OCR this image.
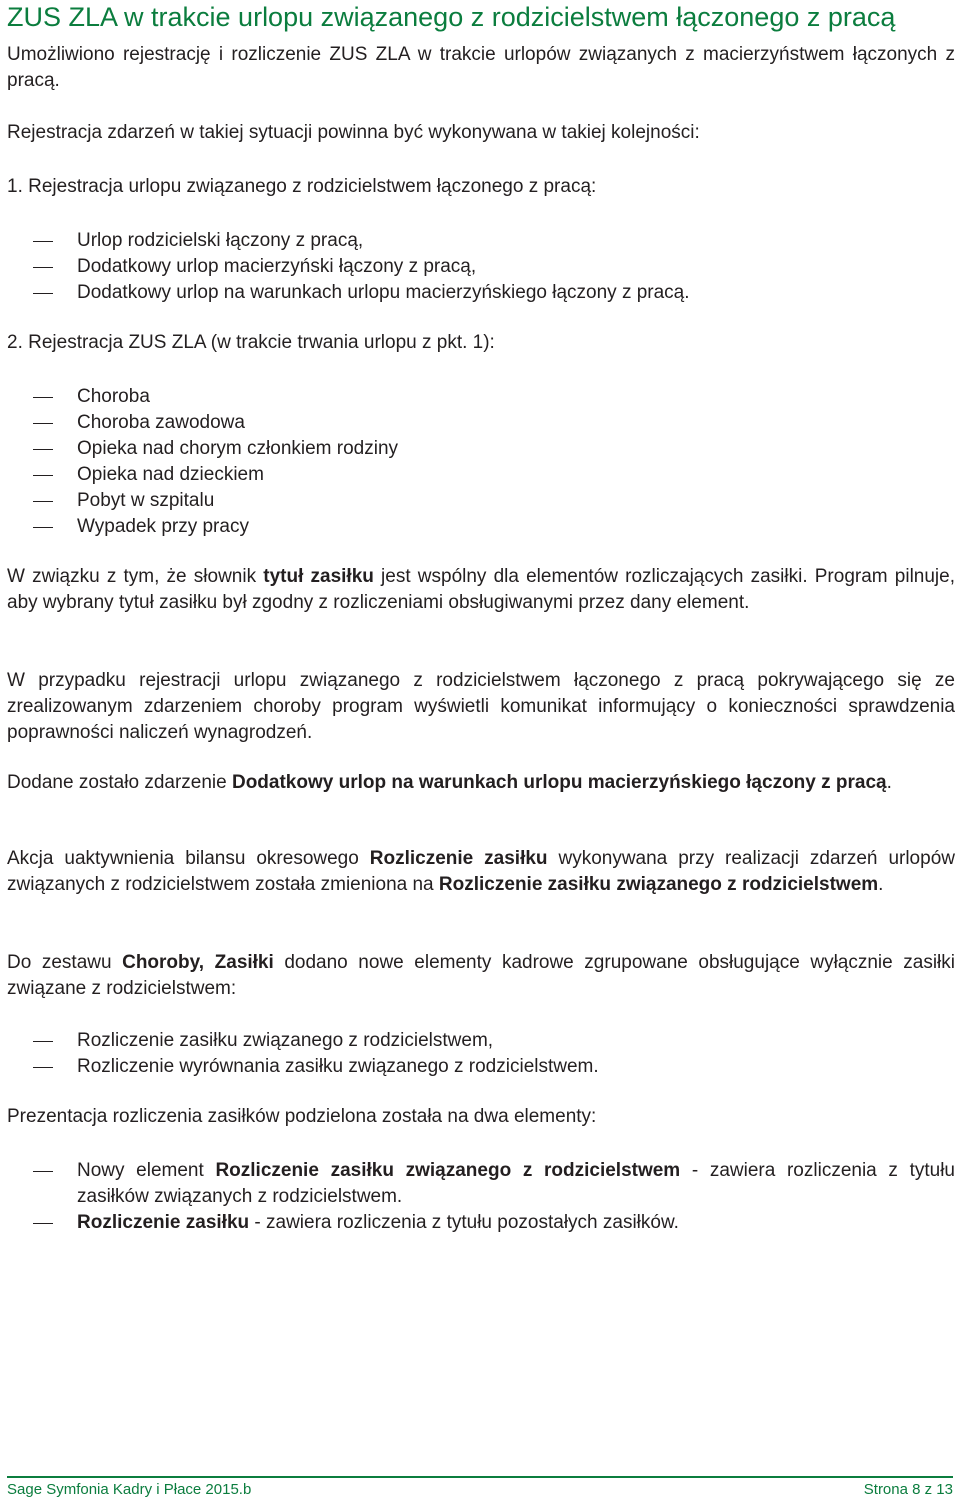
ZUS ZLA w trakcie urlopu związanego z rodzicielstwem łączonego z pracą

Umożliwiono rejestrację i rozliczenie ZUS ZLA w trakcie urlopów związanych z macierzyństwem łączonych z pracą.

Rejestracja zdarzeń w takiej sytuacji powinna być wykonywana w takiej kolejności:

1. Rejestracja urlopu związanego z rodzicielstwem łączonego z pracą:
Urlop rodzicielski łączony z pracą,
Dodatkowy urlop macierzyński łączony z pracą,
Dodatkowy urlop na warunkach urlopu macierzyńskiego łączony z pracą.
2. Rejestracja ZUS ZLA (w trakcie trwania urlopu z pkt. 1):
Choroba
Choroba zawodowa
Opieka nad chorym członkiem rodziny
Opieka nad dzieckiem
Pobyt w szpitalu
Wypadek przy pracy

W związku z tym, że słownik tytuł zasiłku jest wspólny dla elementów rozliczających zasiłki. Program pilnuje, aby wybrany tytuł zasiłku był zgodny z rozliczeniami obsługiwanymi przez dany element.

W przypadku rejestracji urlopu związanego z rodzicielstwem łączonego z pracą pokrywającego się ze zrealizowanym zdarzeniem choroby program wyświetli komunikat informujący o konieczności sprawdzenia poprawności naliczeń wynagrodzeń.

Dodane zostało zdarzenie Dodatkowy urlop na warunkach urlopu macierzyńskiego łączony z pracą.

Akcja uaktywnienia bilansu okresowego Rozliczenie zasiłku wykonywana przy realizacji zdarzeń urlopów związanych z rodzicielstwem została zmieniona na Rozliczenie zasiłku związanego z rodzicielstwem.

Do zestawu Choroby, Zasiłki dodano nowe elementy kadrowe zgrupowane obsługujące wyłącznie zasiłki związane z rodzicielstwem:

Rozliczenie zasiłku związanego z rodzicielstwem,
Rozliczenie wyrównania zasiłku związanego z rodzicielstwem.

Prezentacja rozliczenia zasiłków podzielona została na dwa elementy:

Nowy element Rozliczenie zasiłku związanego z rodzicielstwem - zawiera rozliczenia z tytułu zasiłków związanych z rodzicielstwem.
Rozliczenie zasiłku - zawiera rozliczenia z tytułu pozostałych zasiłków.
Sage Symfonia Kadry i Płace 2015.b	Strona 8 z 13
